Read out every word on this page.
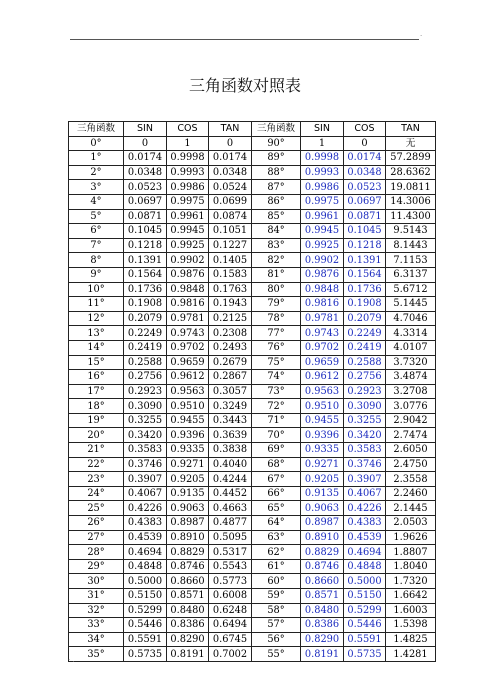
·
三角函数对照表
三角函数	SIN	COS	TAN	三角函数	SIN	COS	TAN
0°	0	1	0	90°	1	0	无
1°	0.0174	0.9998	0.0174	89°	0.9998	0.0174	57.2899
2°	0.0348	0.9993	0.0348	88°	0.9993	0.0348	28.6362
3°	0.0523	0.9986	0.0524	87°	0.9986	0.0523	19.0811
4°	0.0697	0.9975	0.0699	86°	0.9975	0.0697	14.3006
5°	0.0871	0.9961	0.0874	85°	0.9961	0.0871	11.4300
6°	0.1045	0.9945	0.1051	84°	0.9945	0.1045	9.5143
7°	0.1218	0.9925	0.1227	83°	0.9925	0.1218	8.1443
8°	0.1391	0.9902	0.1405	82°	0.9902	0.1391	7.1153
9°	0.1564	0.9876	0.1583	81°	0.9876	0.1564	6.3137
10°	0.1736	0.9848	0.1763	80°	0.9848	0.1736	5.6712
11°	0.1908	0.9816	0.1943	79°	0.9816	0.1908	5.1445
12°	0.2079	0.9781	0.2125	78°	0.9781	0.2079	4.7046
13°	0.2249	0.9743	0.2308	77°	0.9743	0.2249	4.3314
14°	0.2419	0.9702	0.2493	76°	0.9702	0.2419	4.0107
15°	0.2588	0.9659	0.2679	75°	0.9659	0.2588	3.7320
16°	0.2756	0.9612	0.2867	74°	0.9612	0.2756	3.4874
17°	0.2923	0.9563	0.3057	73°	0.9563	0.2923	3.2708
18°	0.3090	0.9510	0.3249	72°	0.9510	0.3090	3.0776
19°	0.3255	0.9455	0.3443	71°	0.9455	0.3255	2.9042
20°	0.3420	0.9396	0.3639	70°	0.9396	0.3420	2.7474
21°	0.3583	0.9335	0.3838	69°	0.9335	0.3583	2.6050
22°	0.3746	0.9271	0.4040	68°	0.9271	0.3746	2.4750
23°	0.3907	0.9205	0.4244	67°	0.9205	0.3907	2.3558
24°	0.4067	0.9135	0.4452	66°	0.9135	0.4067	2.2460
25°	0.4226	0.9063	0.4663	65°	0.9063	0.4226	2.1445
26°	0.4383	0.8987	0.4877	64°	0.8987	0.4383	2.0503
27°	0.4539	0.8910	0.5095	63°	0.8910	0.4539	1.9626
28°	0.4694	0.8829	0.5317	62°	0.8829	0.4694	1.8807
29°	0.4848	0.8746	0.5543	61°	0.8746	0.4848	1.8040
30°	0.5000	0.8660	0.5773	60°	0.8660	0.5000	1.7320
31°	0.5150	0.8571	0.6008	59°	0.8571	0.5150	1.6642
32°	0.5299	0.8480	0.6248	58°	0.8480	0.5299	1.6003
33°	0.5446	0.8386	0.6494	57°	0.8386	0.5446	1.5398
34°	0.5591	0.8290	0.6745	56°	0.8290	0.5591	1.4825
35°	0.5735	0.8191	0.7002	55°	0.8191	0.5735	1.4281
· .
